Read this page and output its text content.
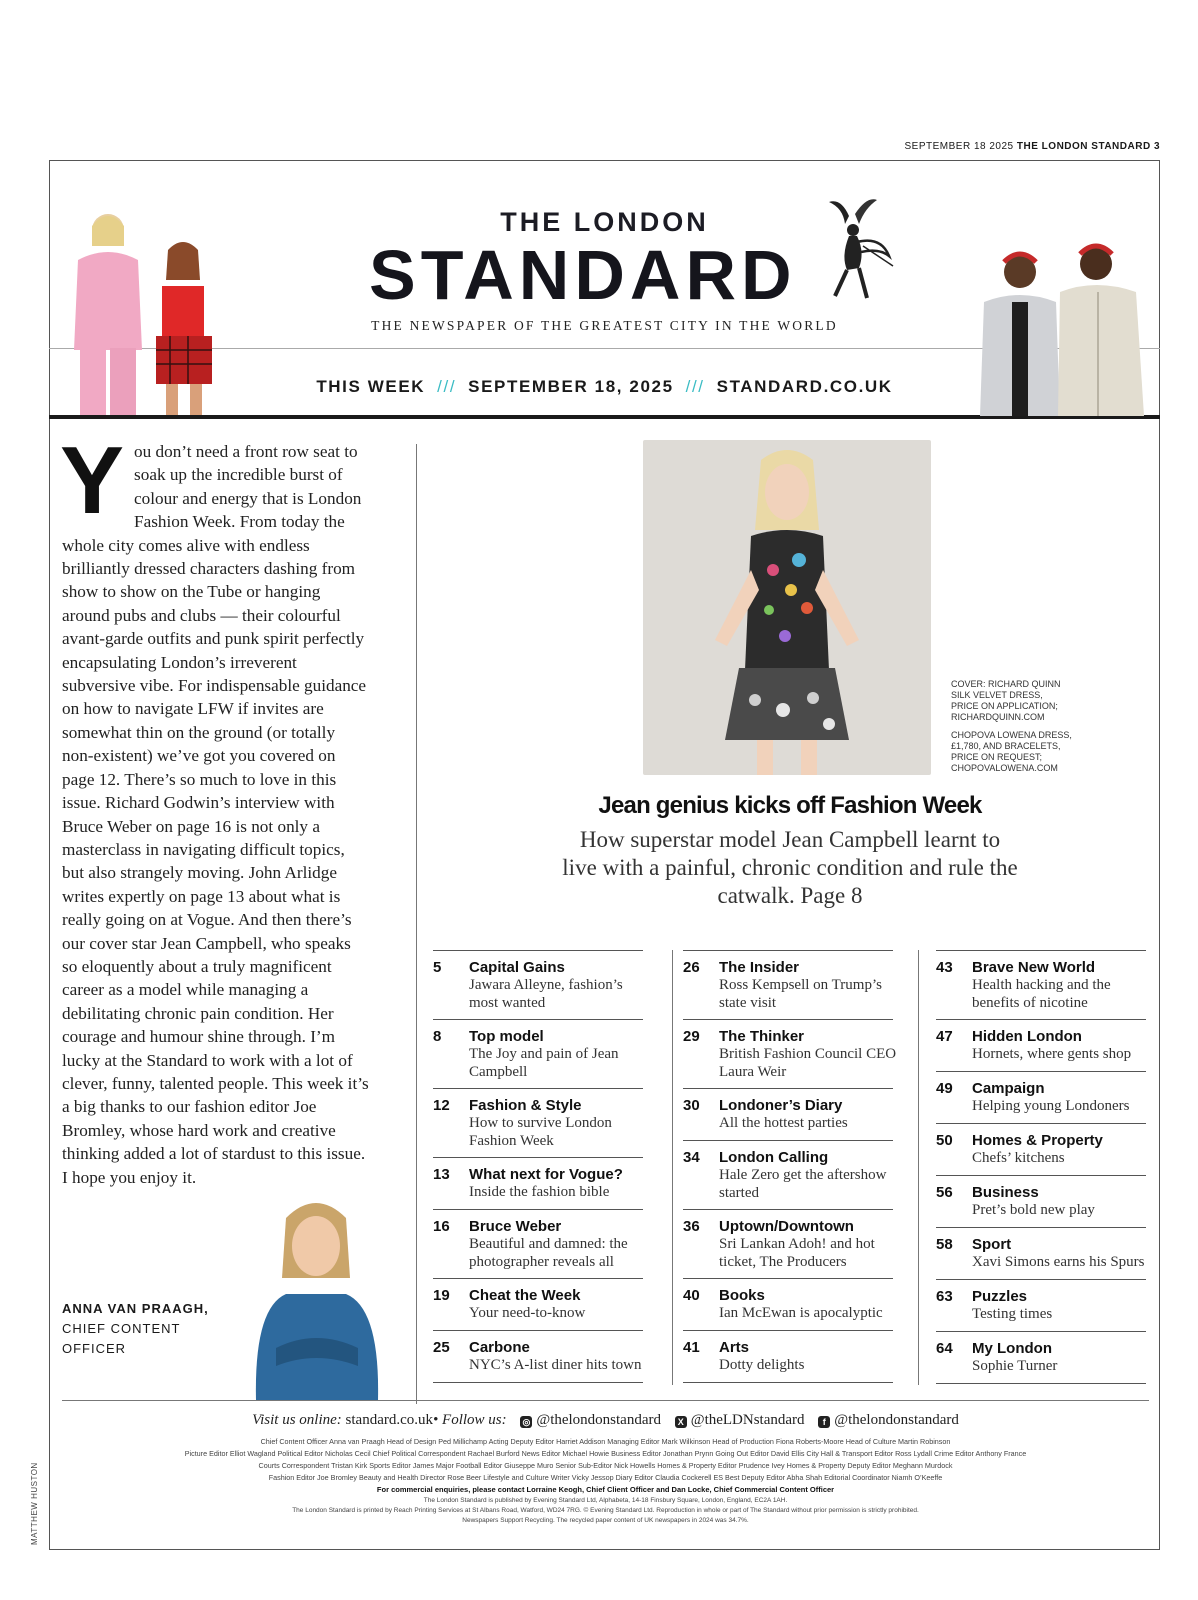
SEPTEMBER 18 2025 THE LONDON STANDARD 3
THE LONDON
STANDARD
THE NEWSPAPER OF THE GREATEST CITY IN THE WORLD
THIS WEEK /// SEPTEMBER 18, 2025 /// STANDARD.CO.UK
You don’t need a front row seat to soak up the incredible burst of colour and energy that is London Fashion Week. From today the whole city comes alive with endless brilliantly dressed characters dashing from show to show on the Tube or hanging around pubs and clubs — their colourful avant-garde outfits and punk spirit perfectly encapsulating London’s irreverent subversive vibe. For indispensable guidance on how to navigate LFW if invites are somewhat thin on the ground (or totally non-existent) we’ve got you covered on page 12. There’s so much to love in this issue. Richard Godwin’s interview with Bruce Weber on page 16 is not only a masterclass in navigating difficult topics, but also strangely moving. John Arlidge writes expertly on page 13 about what is really going on at Vogue. And then there’s our cover star Jean Campbell, who speaks so eloquently about a truly magnificent career as a model while managing a debilitating chronic pain condition. Her courage and humour shine through. I’m lucky at the Standard to work with a lot of clever, funny, talented people. This week it’s a big thanks to our fashion editor Joe Bromley, whose hard work and creative thinking added a lot of stardust to this issue. I hope you enjoy it.
ANNA VAN PRAAGH,
CHIEF CONTENT
OFFICER
COVER: RICHARD QUINN SILK VELVET DRESS, PRICE ON APPLICATION; RICHARDQUINN.COM
CHOPOVA LOWENA DRESS, £1,780, AND BRACELETS, PRICE ON REQUEST; CHOPOVALOWENA.COM
Jean genius kicks off Fashion Week
How superstar model Jean Campbell learnt to live with a painful, chronic condition and rule the catwalk. Page 8
5 Capital Gains
Jawara Alleyne, fashion’s most wanted
8 Top model
The Joy and pain of Jean Campbell
12 Fashion & Style
How to survive London Fashion Week
13 What next for Vogue?
Inside the fashion bible
16 Bruce Weber
Beautiful and damned: the photographer reveals all
19 Cheat the Week
Your need-to-know
25 Carbone
NYC’s A-list diner hits town
26 The Insider
Ross Kempsell on Trump’s state visit
29 The Thinker
British Fashion Council CEO Laura Weir
30 Londoner’s Diary
All the hottest parties
34 London Calling
Hale Zero get the aftershow started
36 Uptown/Downtown
Sri Lankan Adoh! and hot ticket, The Producers
40 Books
Ian McEwan is apocalyptic
41 Arts
Dotty delights
43 Brave New World
Health hacking and the benefits of nicotine
47 Hidden London
Hornets, where gents shop
49 Campaign
Helping young Londoners
50 Homes & Property
Chefs’ kitchens
56 Business
Pret’s bold new play
58 Sport
Xavi Simons earns his Spurs
63 Puzzles
Testing times
64 My London
Sophie Turner
Visit us online: standard.co.uk• Follow us: ◎ @thelondonstandard X @theLDNstandard f @thelondonstandard
Chief Content Officer Anna van Praagh Head of Design Ped Millichamp Acting Deputy Editor Harriet Addison Managing Editor Mark Wilkinson Head of Production Fiona Roberts-Moore Head of Culture Martin Robinson
Picture Editor Elliot Wagland Political Editor Nicholas Cecil Chief Political Correspondent Rachael Burford News Editor Michael Howie Business Editor Jonathan Prynn Going Out Editor David Ellis City Hall & Transport Editor Ross Lydall Crime Editor Anthony France
Courts Correspondent Tristan Kirk Sports Editor James Major Football Editor Giuseppe Muro Senior Sub-Editor Nick Howells Homes & Property Editor Prudence Ivey Homes & Property Deputy Editor Meghann Murdock
Fashion Editor Joe Bromley Beauty and Health Director Rose Beer Lifestyle and Culture Writer Vicky Jessop Diary Editor Claudia Cockerell ES Best Deputy Editor Abha Shah Editorial Coordinator Niamh O’Keeffe
For commercial enquiries, please contact Lorraine Keogh, Chief Client Officer and Dan Locke, Chief Commercial Content Officer
The London Standard is published by Evening Standard Ltd, Alphabeta, 14-18 Finsbury Square, London, England, EC2A 1AH.
The London Standard is printed by Reach Printing Services at St Albans Road, Watford, WD24 7RG. © Evening Standard Ltd. Reproduction in whole or part of The Standard without prior permission is strictly prohibited.
Newspapers Support Recycling. The recycled paper content of UK newspapers in 2024 was 34.7%.
MATTHEW HUSTON
